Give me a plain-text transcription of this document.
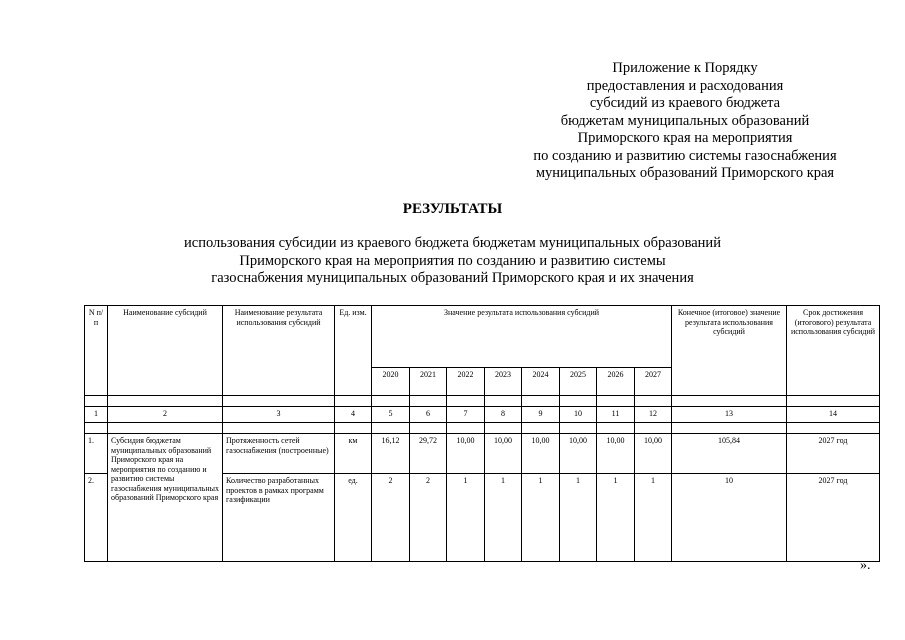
Приложение к Порядку
предоставления и расходования
субсидий из краевого бюджета
бюджетам муниципальных образований
Приморского края на мероприятия
по созданию и развитию системы газоснабжения
муниципальных образований Приморского края
РЕЗУЛЬТАТЫ
использования субсидии из краевого бюджета бюджетам муниципальных образований
Приморского края на мероприятия по созданию и развитию системы
газоснабжения муниципальных образований Приморского края и их значения
N п/п	Наименование субсидий	Наименование результата использования субсидий	Ед. изм.	Значение результата использования субсидий								Конечное (итоговое) значение результата использования субсидий	Срок достижения (итогового) результата использования субсидий
				2020	2021	2022	2023	2024	2025	2026	2027		

1	2	3	4	5	6	7	8	9	10	11	12	13	14

1.	Субсидия бюджетам муниципальных образований Приморского края на мероприятия по созданию и развитию системы газоснабжения муниципальных образований Приморского края	Протяженность сетей газоснабжения (построенные)	км	16,12	29,72	10,00	10,00	10,00	10,00	10,00	10,00	105,84	2027 год
2.		Количество разработанных проектов в рамках программ газификации	ед.	2	2	1	1	1	1	1	1	10	2027 год
».
